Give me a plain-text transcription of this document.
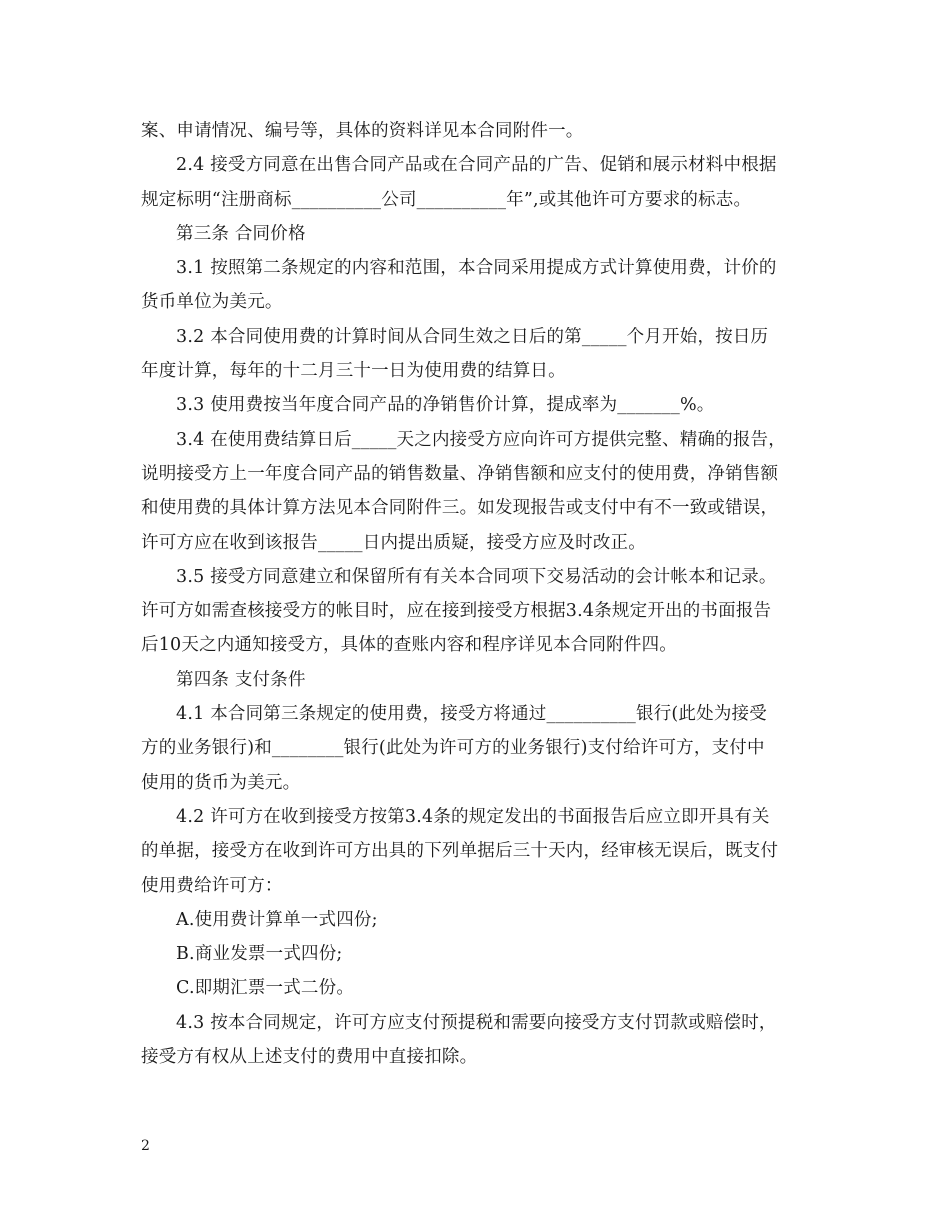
案、申请情况、编号等，具体的资料详见本合同附件一。
2.4 接受方同意在出售合同产品或在合同产品的广告、促销和展示材料中根据
规定标明“注册商标__________公司__________年”,或其他许可方要求的标志。
第三条 合同价格
3.1 按照第二条规定的内容和范围，本合同采用提成方式计算使用费，计价的
货币单位为美元。
3.2 本合同使用费的计算时间从合同生效之日后的第_____个月开始，按日历
年度计算，每年的十二月三十一日为使用费的结算日。
3.3 使用费按当年度合同产品的净销售价计算，提成率为_______%。
3.4 在使用费结算日后_____天之内接受方应向许可方提供完整、精确的报告，
说明接受方上一年度合同产品的销售数量、净销售额和应支付的使用费，净销售额
和使用费的具体计算方法见本合同附件三。如发现报告或支付中有不一致或错误，
许可方应在收到该报告_____日内提出质疑，接受方应及时改正。
3.5 接受方同意建立和保留所有有关本合同项下交易活动的会计帐本和记录。
许可方如需查核接受方的帐目时，应在接到接受方根据3.4条规定开出的书面报告
后10天之内通知接受方，具体的查账内容和程序详见本合同附件四。
第四条 支付条件
4.1 本合同第三条规定的使用费，接受方将通过__________银行(此处为接受
方的业务银行)和________银行(此处为许可方的业务银行)支付给许可方，支付中
使用的货币为美元。
4.2 许可方在收到接受方按第3.4条的规定发出的书面报告后应立即开具有关
的单据，接受方在收到许可方出具的下列单据后三十天内，经审核无误后，既支付
使用费给许可方：
A.使用费计算单一式四份;
B.商业发票一式四份;
C.即期汇票一式二份。
4.3 按本合同规定，许可方应支付预提税和需要向接受方支付罚款或赔偿时，
接受方有权从上述支付的费用中直接扣除。
2
